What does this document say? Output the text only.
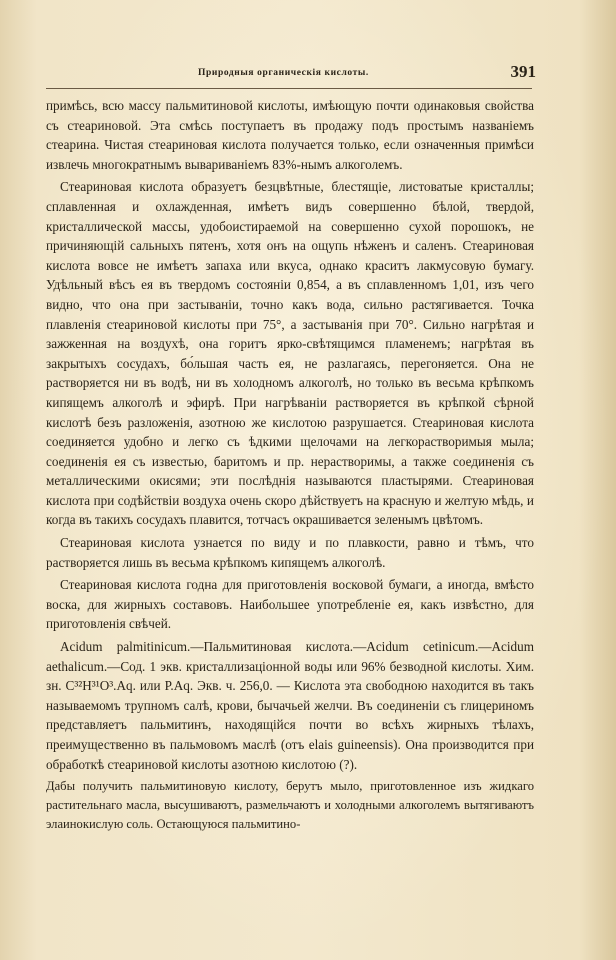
Природныя органическія кислоты.	391

примѣсь, всю массу пальмитиновой кислоты, имѣющую почти одинаковыя свойства съ стеариновой. Эта смѣсь поступаетъ въ продажу подъ простымъ названіемъ стеарина. Чистая стеариновая кислота получается только, если означенныя примѣси извлечь многократнымъ вывариваніемъ 83%-нымъ алкоголемъ.

Стеариновая кислота образуетъ безцвѣтные, блестящіе, листоватые кристаллы; сплавленная и охлажденная, имѣетъ видъ совершенно бѣлой, твердой, кристаллической массы, удобоистираемой на совершенно сухой порошокъ, не причиняющій сальныхъ пятенъ, хотя онъ на ощупь нѣженъ и саленъ. Стеариновая кислота вовсе не имѣетъ запаха или вкуса, однако краситъ лакмусовую бумагу. Удѣльный вѣсъ ея въ твердомъ состояніи 0,854, а въ сплавленномъ 1,01, изъ чего видно, что она при застываніи, точно какъ вода, сильно растягивается. Точка плавленія стеариновой кислоты при 75°, а застыванія при 70°. Сильно нагрѣтая и зажженная на воздухѣ, она горитъ ярко-свѣтящимся пламенемъ; нагрѣтая въ закрытыхъ сосудахъ, бо́льшая часть ея, не разлагаясь, перегоняется. Она не растворяется ни въ водѣ, ни въ холодномъ алкоголѣ, но только въ весьма крѣпкомъ кипящемъ алкоголѣ и эфирѣ. При нагрѣваніи растворяется въ крѣпкой сѣрной кислотѣ безъ разложенія, азотною же кислотою разрушается. Стеариновая кислота соединяется удобно и легко съ ѣдкими щелочами на легкорастворимыя мыла; соединенія ея съ известью, баритомъ и пр. нерастворимы, а также соединенія съ металлическими окисями; эти послѣднія называются пластырями. Стеариновая кислота при содѣйствіи воздуха очень скоро дѣйствуетъ на красную и желтую мѣдь, и когда въ такихъ сосудахъ плавится, тотчасъ окрашивается зеленымъ цвѣтомъ.

Стеариновая кислота узнается по виду и по плавкости, равно и тѣмъ, что растворяется лишь въ весьма крѣпкомъ кипящемъ алкоголѣ.

Стеариновая кислота годна для приготовленія восковой бумаги, а иногда, вмѣсто воска, для жирныхъ составовъ. Наибольшее употребленіе ея, какъ извѣстно, для приготовленія свѣчей.

Acidum palmitinicum.—Пальмитиновая кислота.—Acidum cetinicum.—Acidum aethalicum.—Сод. 1 экв. кристаллизаціонной воды или 96% безводной кислоты. Хим. зн. C³²H³¹O³.Aq. или P.Aq. Экв. ч. 256,0. — Кислота эта свободною находится въ такъ называемомъ трупномъ салѣ, крови, бычачьей желчи. Въ соединеніи съ глицериномъ представляетъ пальмитинъ, находящійся почти во всѣхъ жирныхъ тѣлахъ, преимущественно въ пальмовомъ маслѣ (отъ elais guineensis). Она производится при обработкѣ стеариновой кислоты азотною кислотою (?).

Дабы получить пальмитиновую кислоту, берутъ мыло, приготовленное изъ жидкаго растительнаго масла, высушиваютъ, размельчаютъ и холодными алкоголемъ вытягиваютъ элаинокислую соль. Остающуюся пальмитино-
